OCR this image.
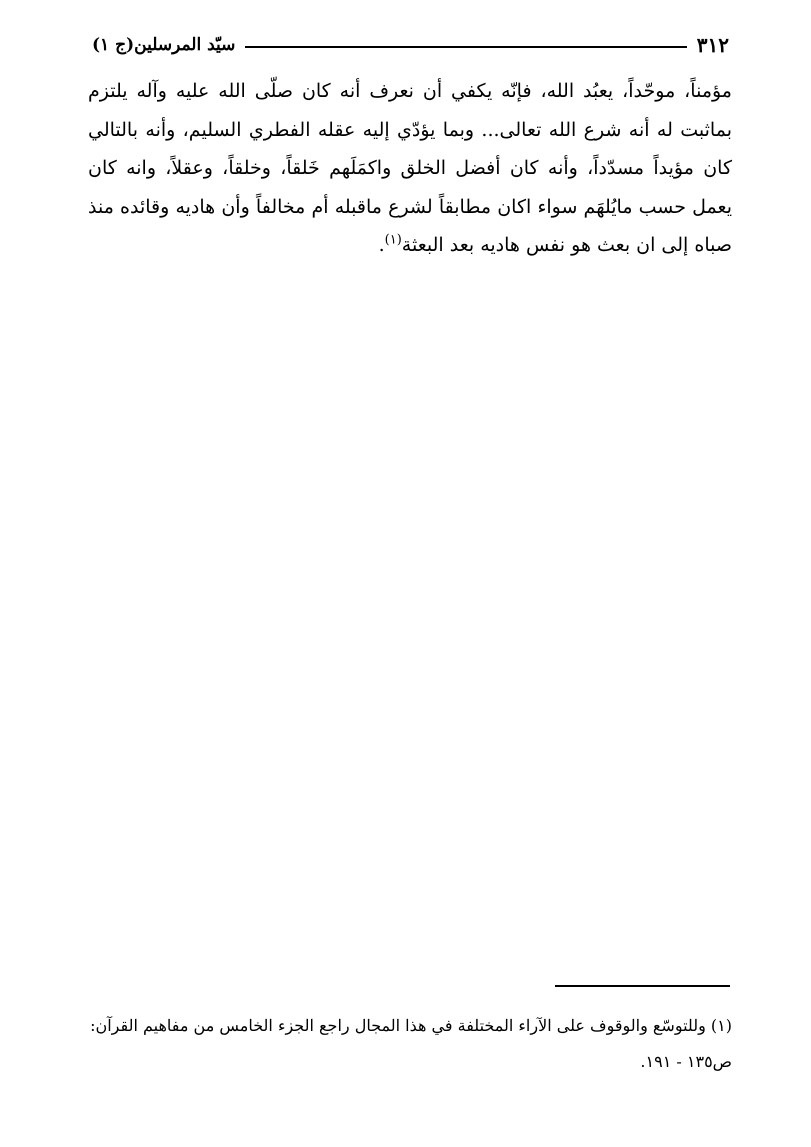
٣١٢
سيّد المرسلين(ج ١)

مؤمناً، موحّداً، يعبُد الله، فإنّه يكفي أن نعرف أنه كان صلّى الله عليه وآله يلتزم بماثبت له أنه شرع الله تعالى... وبما يؤدّي إليه عقله الفطري السليم، وأنه بالتالي كان مؤيداً مسدّداً، وأنه كان أفضل الخلق واكمَلَهم خَلقاً، وخلقاً، وعقلاً، وانه كان يعمل حسب مايُلهَم سواء اكان مطابقاً لشرع ماقبله أم مخالفاً وأن هاديه وقائده منذ صباه إلى ان بعث هو نفس هاديه بعد البعثة$^{(١)}$.

(١) وللتوسّع والوقوف على الآراء المختلفة في هذا المجال راجع الجزء الخامس من مفاهيم القرآن:

ص١٣٥ - ١٩١.
